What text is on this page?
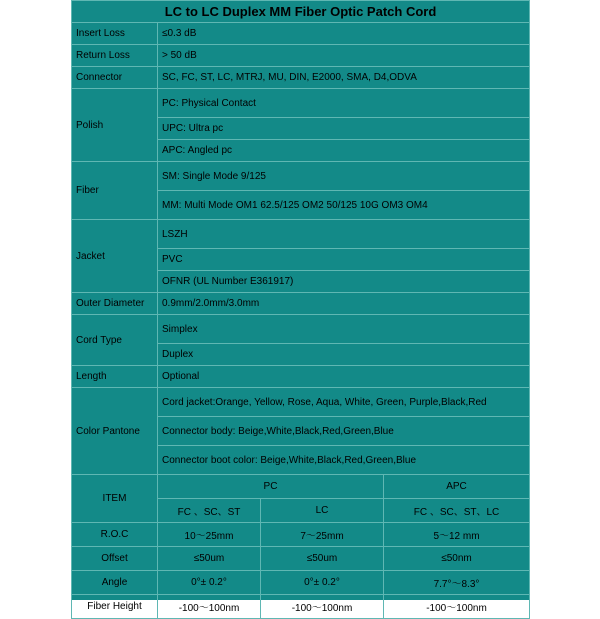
LC to LC Duplex MM Fiber Optic Patch Cord	
Insert Loss	≤0.3 dB
Return Loss	> 50 dB
Connector	SC, FC, ST, LC, MTRJ, MU, DIN, E2000, SMA, D4,ODVA
Polish	PC: Physical Contact
	UPC: Ultra pc
	APC: Angled pc
Fiber	SM: Single Mode 9/125
	MM: Multi Mode OM1 62.5/125 OM2 50/125 10G OM3 OM4
Jacket	LSZH
	PVC
	OFNR (UL Number E361917)
Outer Diameter	0.9mm/2.0mm/3.0mm
Cord Type	Simplex
	Duplex
Length	Optional
Color Pantone	Cord jacket:Orange, Yellow, Rose, Aqua, White, Green, Purple,Black,Red
	Connector body: Beige,White,Black,Red,Green,Blue
	Connector boot color: Beige,White,Black,Red,Green,Blue
ITEM	PC		APC
	FC 、SC、ST	LC	FC 、SC、ST、LC
R.O.C	10～25mm	7～25mm	5～12 mm
Offset	≤50um	≤50um	≤50nm
Angle	0°± 0.2°	0°± 0.2°	7.7°～8.3°
Fiber Height	-100～100nm	-100～100nm	-100～100nm
